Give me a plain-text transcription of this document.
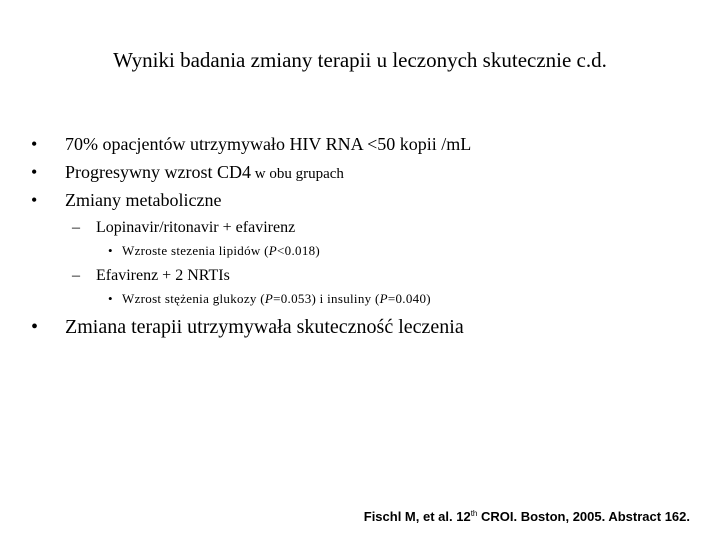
Wyniki badania zmiany terapii u leczonych skutecznie c.d.
• 70% opacjentów utrzymywało HIV RNA <50 kopii /mL
• Progresywny wzrost CD4 w obu grupach
• Zmiany metaboliczne
– Lopinavir/ritonavir + efavirenz
• Wzroste stezenia lipidów (P<0.018)
– Efavirenz + 2 NRTIs
• Wzrost stężenia glukozy (P=0.053) i insuliny (P=0.040)
• Zmiana terapii utrzymywała skuteczność leczenia
Fischl M, et al. 12th CROI. Boston, 2005. Abstract 162.
